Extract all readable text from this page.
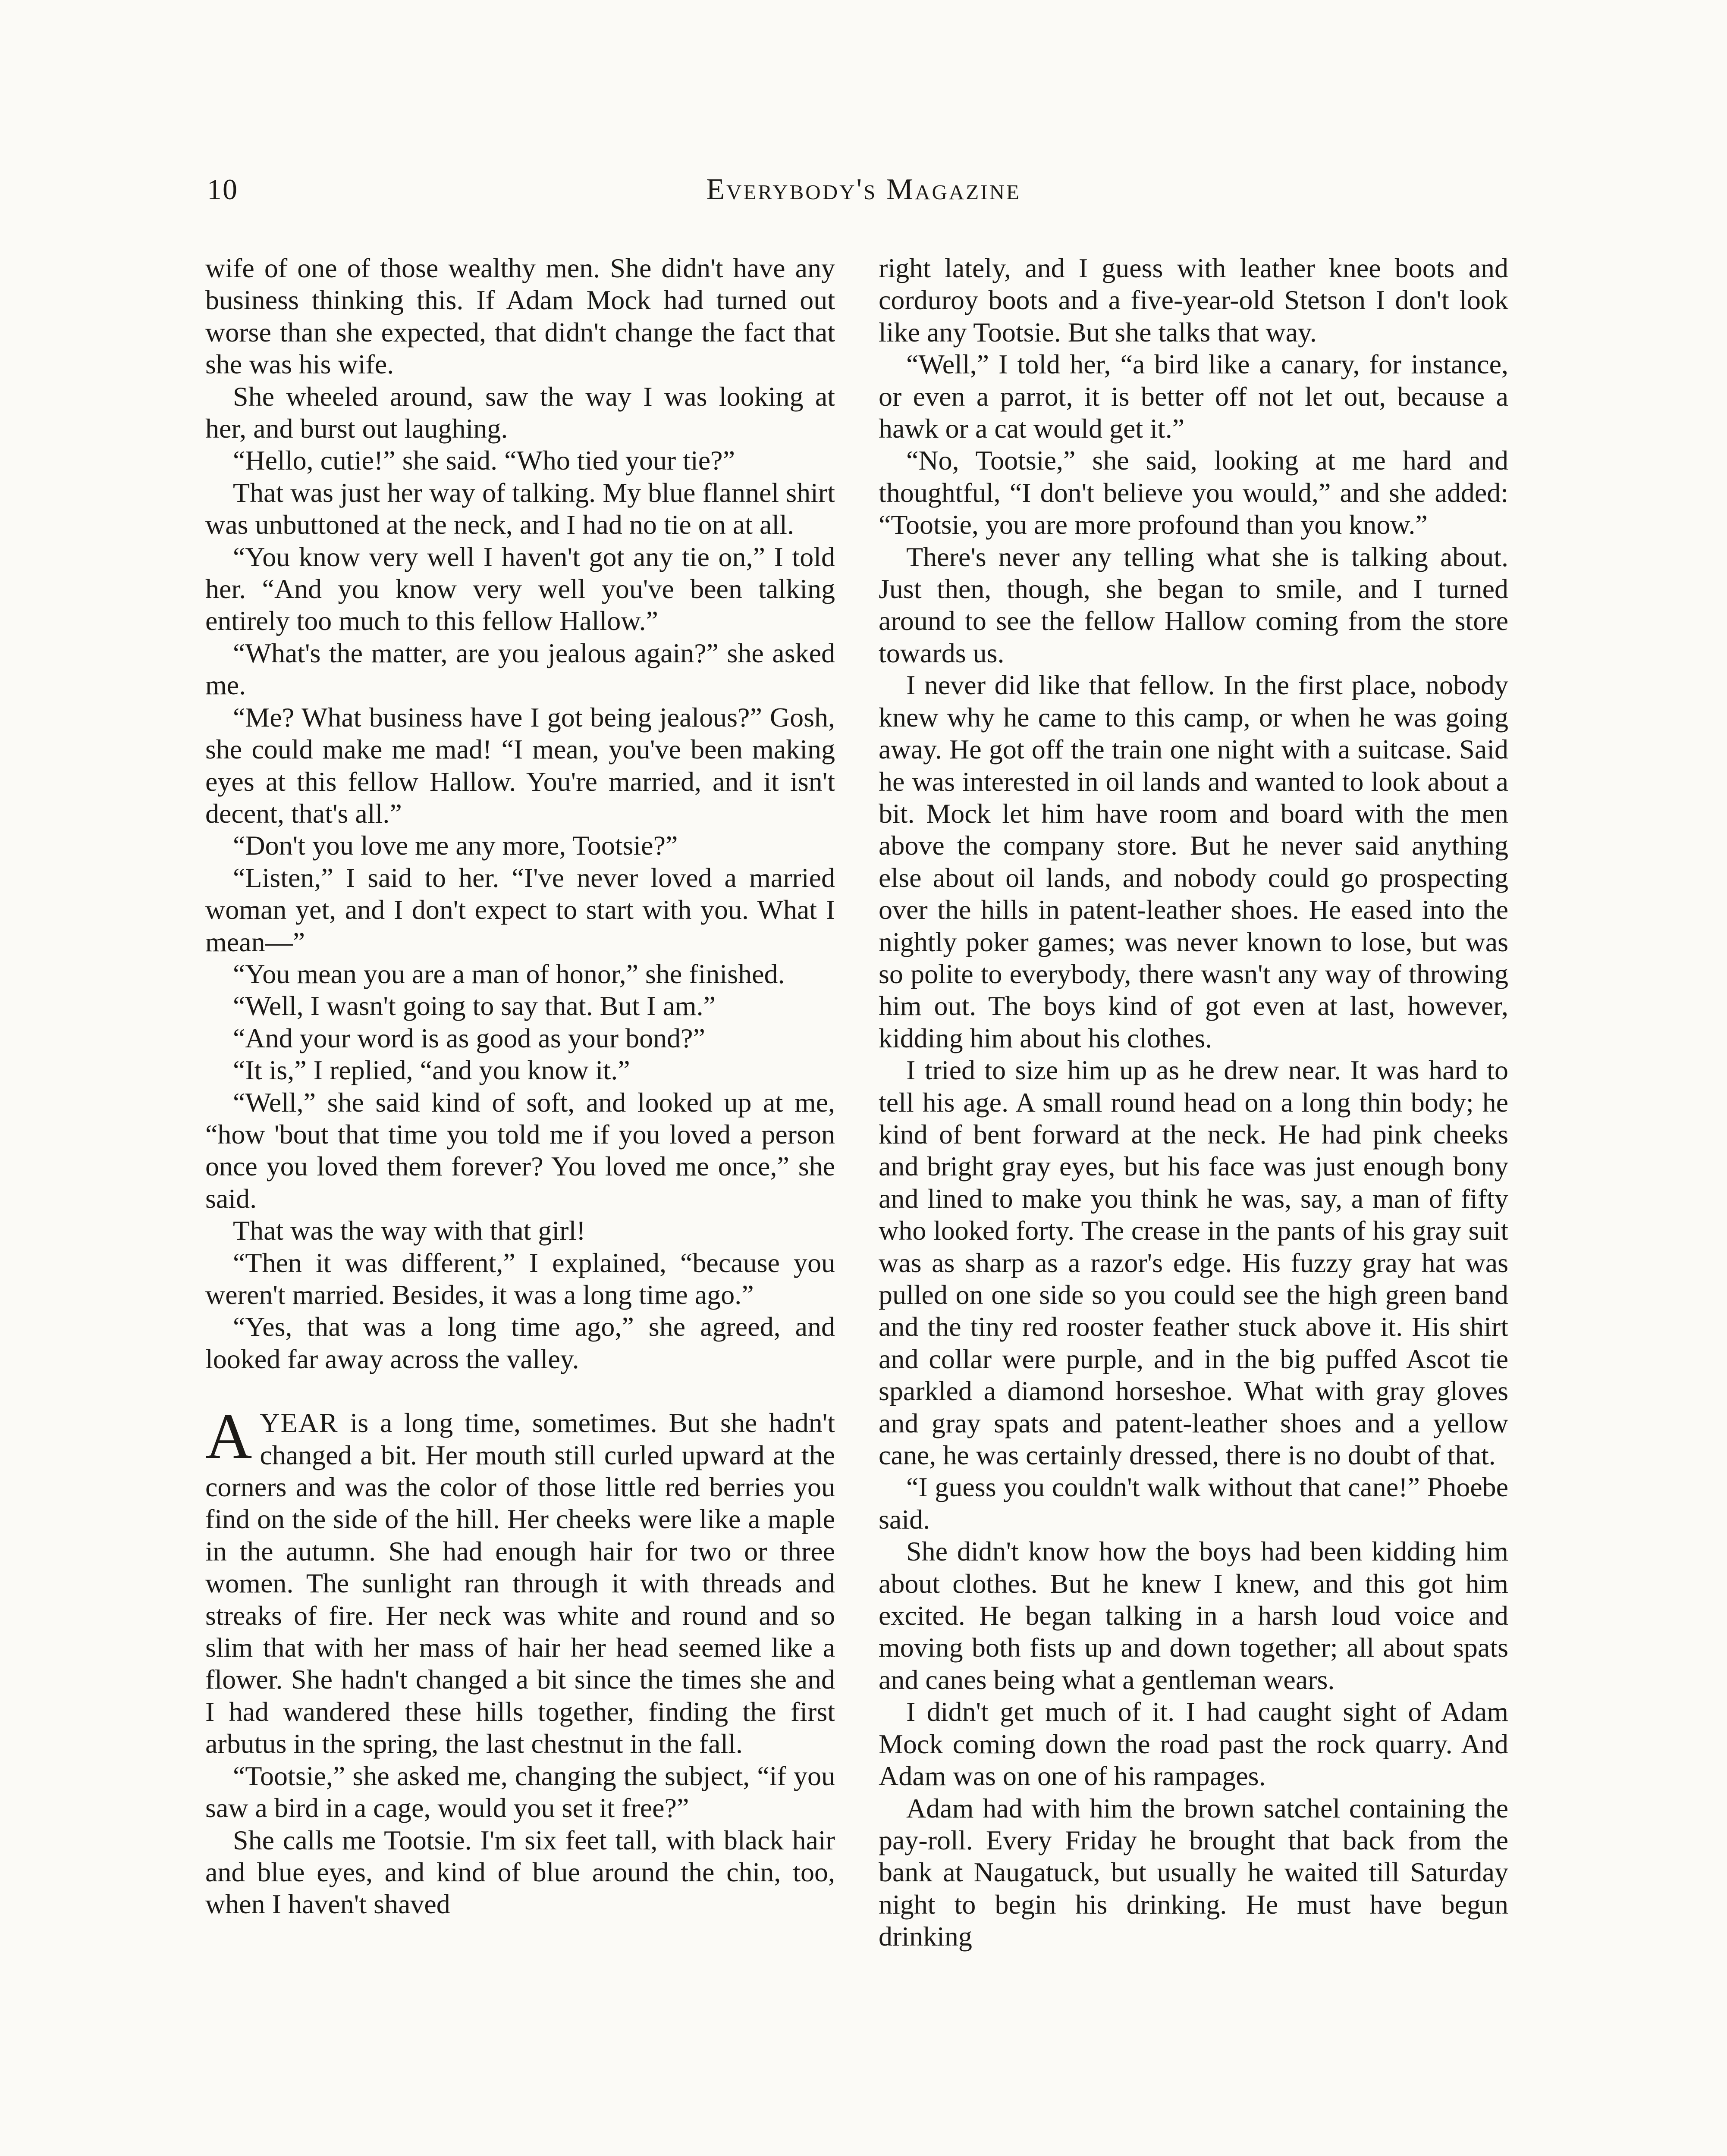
10	Everybody's Magazine

wife of one of those wealthy men. She didn't have any business thinking this. If Adam Mock had turned out worse than she expected, that didn't change the fact that she was his wife.

She wheeled around, saw the way I was looking at her, and burst out laughing.

“Hello, cutie!” she said. “Who tied your tie?”

That was just her way of talking. My blue flannel shirt was unbuttoned at the neck, and I had no tie on at all.

“You know very well I haven't got any tie on,” I told her. “And you know very well you've been talking entirely too much to this fellow Hallow.”

“What's the matter, are you jealous again?” she asked me.

“Me? What business have I got being jealous?” Gosh, she could make me mad! “I mean, you've been making eyes at this fellow Hallow. You're married, and it isn't decent, that's all.”

“Don't you love me any more, Tootsie?”

“Listen,” I said to her. “I've never loved a married woman yet, and I don't expect to start with you. What I mean—”

“You mean you are a man of honor,” she finished.

“Well, I wasn't going to say that. But I am.”

“And your word is as good as your bond?”

“It is,” I replied, “and you know it.”

“Well,” she said kind of soft, and looked up at me, “how 'bout that time you told me if you loved a person once you loved them forever? You loved me once,” she said.

That was the way with that girl!

“Then it was different,” I explained, “because you weren't married. Besides, it was a long time ago.”

“Yes, that was a long time ago,” she agreed, and looked far away across the valley.

AYEAR is a long time, sometimes. But she hadn't changed a bit. Her mouth still curled upward at the corners and was the color of those little red berries you find on the side of the hill. Her cheeks were like a maple in the autumn. She had enough hair for two or three women. The sunlight ran through it with threads and streaks of fire. Her neck was white and round and so slim that with her mass of hair her head seemed like a flower. She hadn't changed a bit since the times she and I had wandered these hills together, finding the first arbutus in the spring, the last chestnut in the fall.

“Tootsie,” she asked me, changing the subject, “if you saw a bird in a cage, would you set it free?”

She calls me Tootsie. I'm six feet tall, with black hair and blue eyes, and kind of blue around the chin, too, when I haven't shaved

right lately, and I guess with leather knee boots and corduroy boots and a five-year-old Stetson I don't look like any Tootsie. But she talks that way.

“Well,” I told her, “a bird like a canary, for instance, or even a parrot, it is better off not let out, because a hawk or a cat would get it.”

“No, Tootsie,” she said, looking at me hard and thoughtful, “I don't believe you would,” and she added: “Tootsie, you are more profound than you know.”

There's never any telling what she is talking about. Just then, though, she began to smile, and I turned around to see the fellow Hallow coming from the store towards us.

I never did like that fellow. In the first place, nobody knew why he came to this camp, or when he was going away. He got off the train one night with a suitcase. Said he was interested in oil lands and wanted to look about a bit. Mock let him have room and board with the men above the company store. But he never said anything else about oil lands, and nobody could go prospecting over the hills in patent-leather shoes. He eased into the nightly poker games; was never known to lose, but was so polite to everybody, there wasn't any way of throwing him out. The boys kind of got even at last, however, kidding him about his clothes.

I tried to size him up as he drew near. It was hard to tell his age. A small round head on a long thin body; he kind of bent forward at the neck. He had pink cheeks and bright gray eyes, but his face was just enough bony and lined to make you think he was, say, a man of fifty who looked forty. The crease in the pants of his gray suit was as sharp as a razor's edge. His fuzzy gray hat was pulled on one side so you could see the high green band and the tiny red rooster feather stuck above it. His shirt and collar were purple, and in the big puffed Ascot tie sparkled a diamond horseshoe. What with gray gloves and gray spats and patent-leather shoes and a yellow cane, he was certainly dressed, there is no doubt of that.

“I guess you couldn't walk without that cane!” Phoebe said.

She didn't know how the boys had been kidding him about clothes. But he knew I knew, and this got him excited. He began talking in a harsh loud voice and moving both fists up and down together; all about spats and canes being what a gentleman wears.

I didn't get much of it. I had caught sight of Adam Mock coming down the road past the rock quarry. And Adam was on one of his rampages.

Adam had with him the brown satchel containing the pay-roll. Every Friday he brought that back from the bank at Naugatuck, but usually he waited till Saturday night to begin his drinking. He must have begun drinking
